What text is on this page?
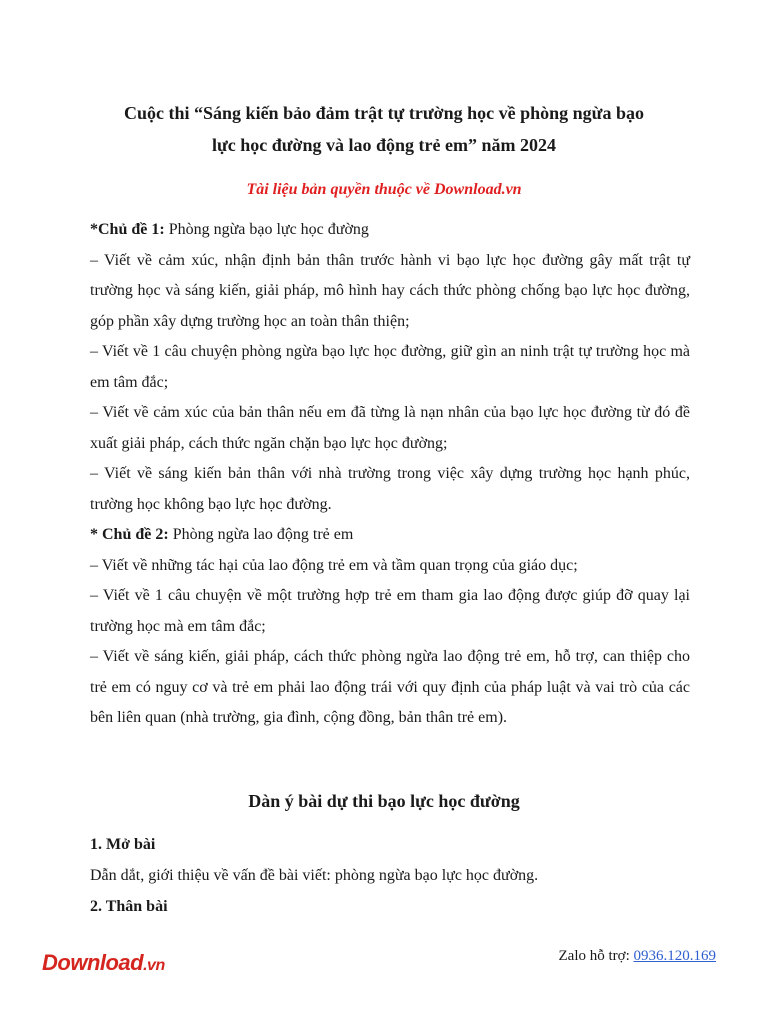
Cuộc thi “Sáng kiến bảo đảm trật tự trường học về phòng ngừa bạo
lực học đường và lao động trẻ em” năm 2024
Tài liệu bản quyền thuộc về Download.vn

*Chủ đề 1: Phòng ngừa bạo lực học đường

– Viết về cảm xúc, nhận định bản thân trước hành vi bạo lực học đường gây mất trật tự trường học và sáng kiến, giải pháp, mô hình hay cách thức phòng chống bạo lực học đường, góp phần xây dựng trường học an toàn thân thiện;

– Viết về 1 câu chuyện phòng ngừa bạo lực học đường, giữ gìn an ninh trật tự trường học mà em tâm đắc;

– Viết về cảm xúc của bản thân nếu em đã từng là nạn nhân của bạo lực học đường từ đó đề xuất giải pháp, cách thức ngăn chặn bạo lực học đường;

– Viết về sáng kiến bản thân với nhà trường trong việc xây dựng trường học hạnh phúc, trường học không bạo lực học đường.

* Chủ đề 2: Phòng ngừa lao động trẻ em

– Viết về những tác hại của lao động trẻ em và tầm quan trọng của giáo dục;

– Viết về 1 câu chuyện về một trường hợp trẻ em tham gia lao động được giúp đỡ quay lại trường học mà em tâm đắc;

– Viết về sáng kiến, giải pháp, cách thức phòng ngừa lao động trẻ em, hỗ trợ, can thiệp cho trẻ em có nguy cơ và trẻ em phải lao động trái với quy định của pháp luật và vai trò của các bên liên quan (nhà trường, gia đình, cộng đồng, bản thân trẻ em).

Dàn ý bài dự thi bạo lực học đường

1. Mở bài

Dẫn dắt, giới thiệu về vấn đề bài viết: phòng ngừa bạo lực học đường.

2. Thân bài

Download.vn
Zalo hỗ trợ: 0936.120.169
